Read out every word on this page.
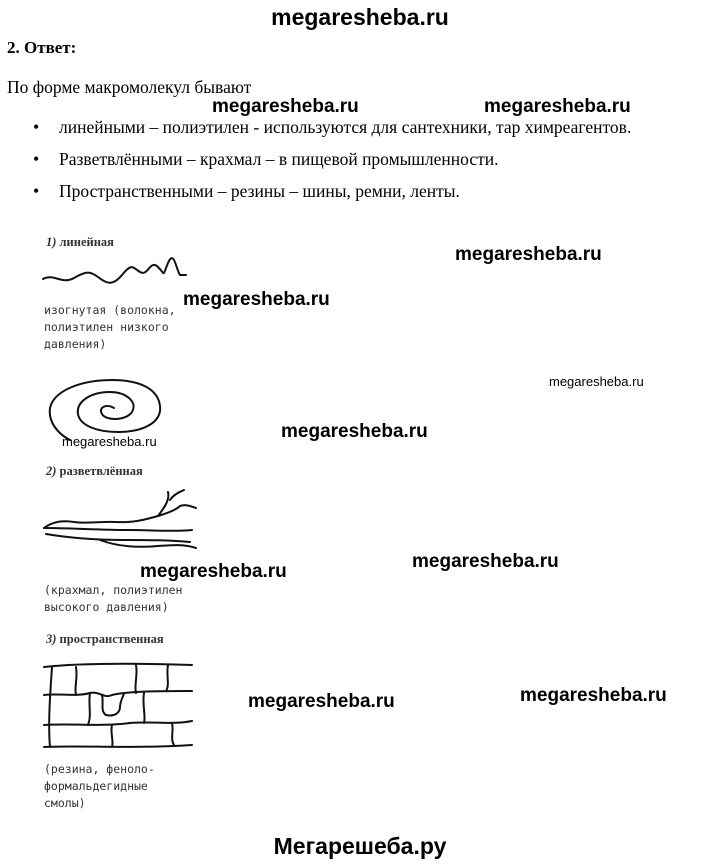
megaresheba.ru
2. Ответ:
По форме макромолекул бывают
• линейными – полиэтилен - используются для сантехники, тар химреагентов.
• Разветвлёнными – крахмал – в пищевой промышленности.
• Пространственными – резины – шины, ремни, ленты.
1) линейная
изогнутая (волокна,
полиэтилен низкого
давления)
2) разветвлённая
(крахмал, полиэтилен
высокого давления)
3) пространственная
(резина, феноло-
формальдегидные
смолы)
megaresheba.ru	megaresheba.ru
megaresheba.ru
megaresheba.ru
megaresheba.ru
megaresheba.ru	megaresheba.ru
megaresheba.ru
megaresheba.ru
megaresheba.ru	megaresheba.ru
Мегарешеба.ру
